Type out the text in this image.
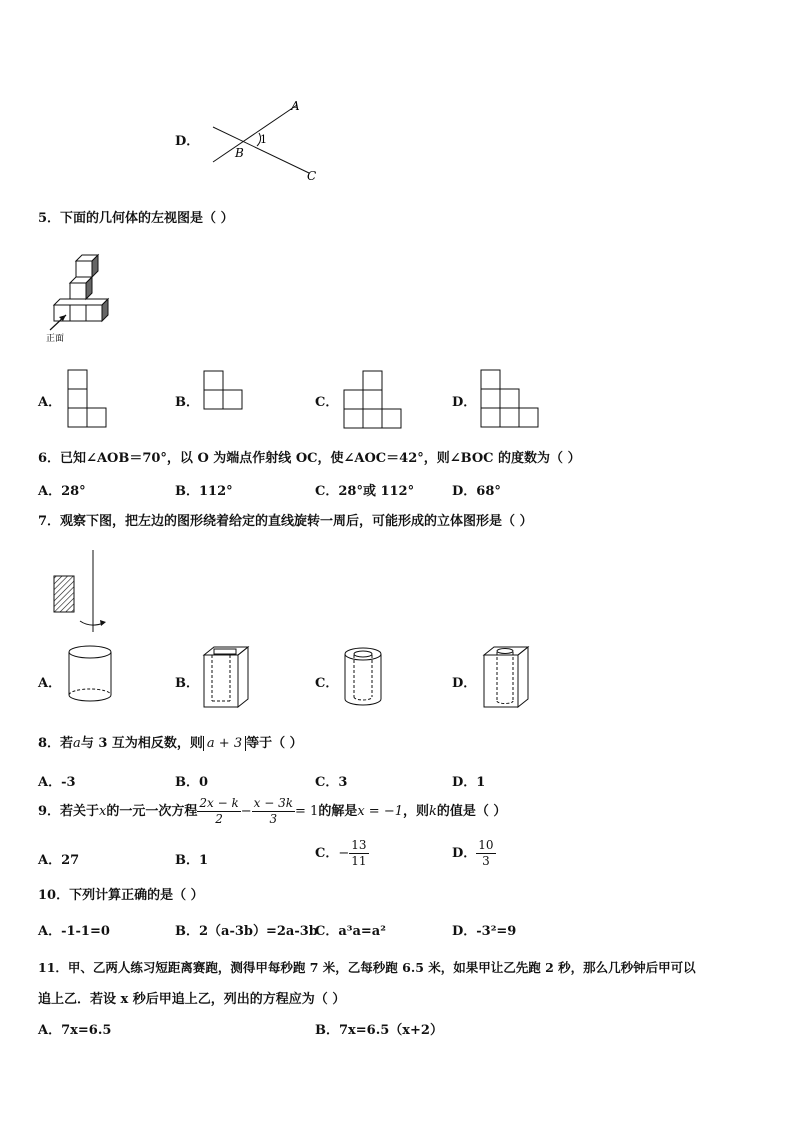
D．
A
B
C
1
5．下面的几何体的左视图是（ ）
正面
A．	B．	C．	D．
6．已知∠AOB＝70°，以 O 为端点作射线 OC，使∠AOC＝42°，则∠BOC 的度数为（ ）
A．28°	B．112°	C．28°或 112°	D．68°
7．观察下图，把左边的图形绕着给定的直线旋转一周后，可能形成的立体图形是（ ）
A．	B．	C．	D．
8．若a与 3 互为相反数，则 a + 3 等于（ ）
A．-3	B．0	C．3	D．1
9．若关于x的一元一次方程 $\frac{2x - k}{2} - \frac{x - 3k}{3} = 1$的解是x = −1，则k的值是（ ）
A．27	B．1	C．− $\frac{13}{11}$	D． $\frac{10}{3}$
10．下列计算正确的是（ ）
A．-1-1=0	B．2（a-3b）=2a-3b
C．a³a=a²	D．-3²=9
11．甲、乙两人练习短距离赛跑，测得甲每秒跑 7 米，乙每秒跑 6.5 米，如果甲让乙先跑 2 秒，那么几秒钟后甲可以
追上乙．若设 x 秒后甲追上乙，列出的方程应为（ ）
A．7x=6.5	B．7x=6.5（x+2）
